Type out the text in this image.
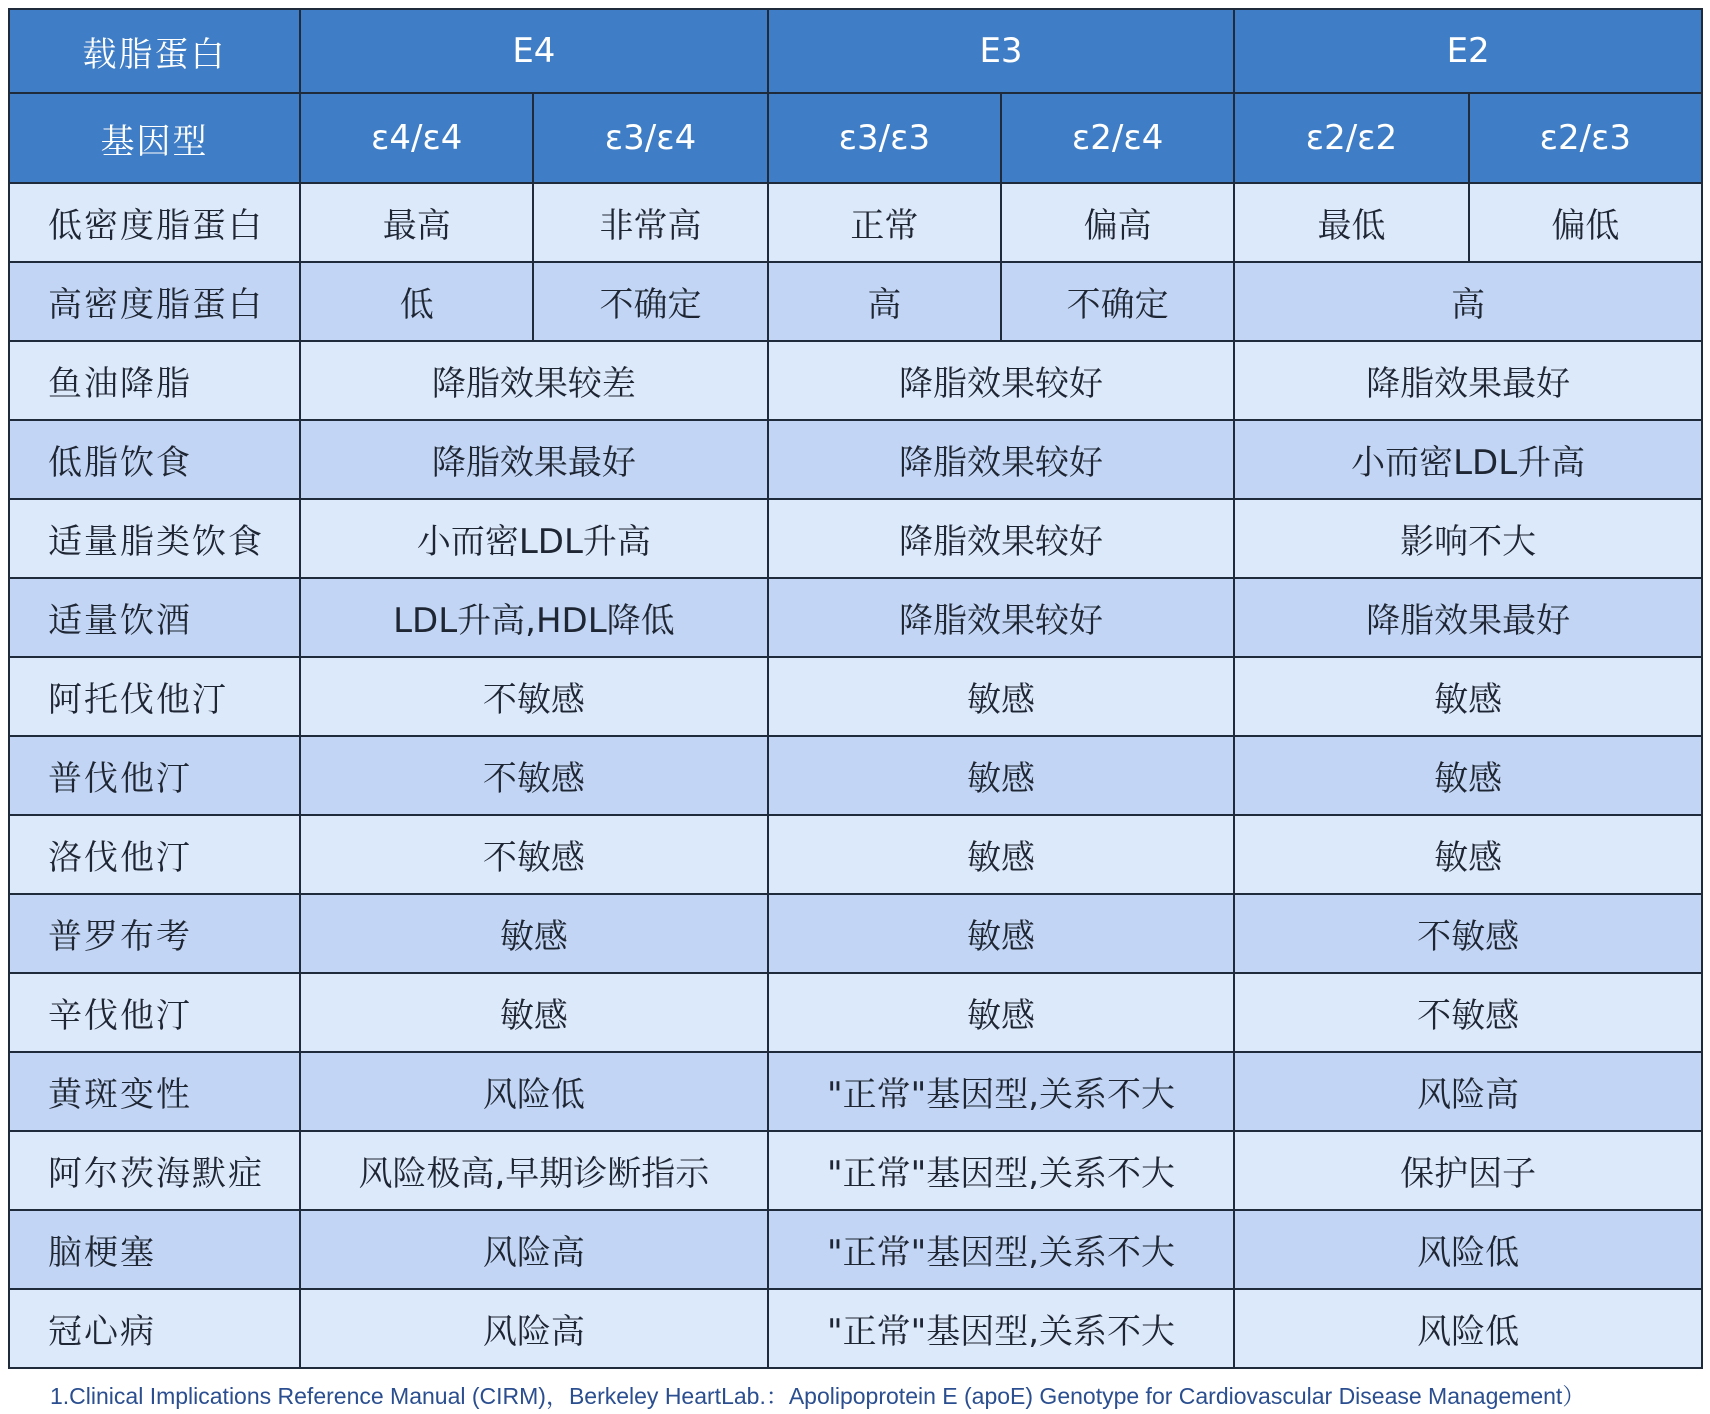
载脂蛋白	E4		E3		E2	
基因型	ε4/ε4	ε3/ε4	ε3/ε3	ε2/ε4	ε2/ε2	ε2/ε3
低密度脂蛋白	最高	非常高	正常	偏高	最低	偏低
高密度脂蛋白	低	不确定	高	不确定	高	
鱼油降脂	降脂效果较差		降脂效果较好		降脂效果最好	
低脂饮食	降脂效果最好		降脂效果较好		小而密LDL升高	
适量脂类饮食	小而密LDL升高		降脂效果较好		影响不大	
适量饮酒	LDL升高,HDL降低		降脂效果较好		降脂效果最好	
阿托伐他汀	不敏感		敏感		敏感	
普伐他汀	不敏感		敏感		敏感	
洛伐他汀	不敏感		敏感		敏感	
普罗布考	敏感		敏感		不敏感	
辛伐他汀	敏感		敏感		不敏感	
黄斑变性	风险低		"正常"基因型,关系不大		风险高	
阿尔茨海默症	风险极高,早期诊断指示		"正常"基因型,关系不大		保护因子	
脑梗塞	风险高		"正常"基因型,关系不大		风险低	
冠心病	风险高		"正常"基因型,关系不大		风险低	
1.Clinical Implications Reference Manual (CIRM)，Berkeley HeartLab.：Apolipoprotein E (apoE) Genotype for Cardiovascular Disease Management）
